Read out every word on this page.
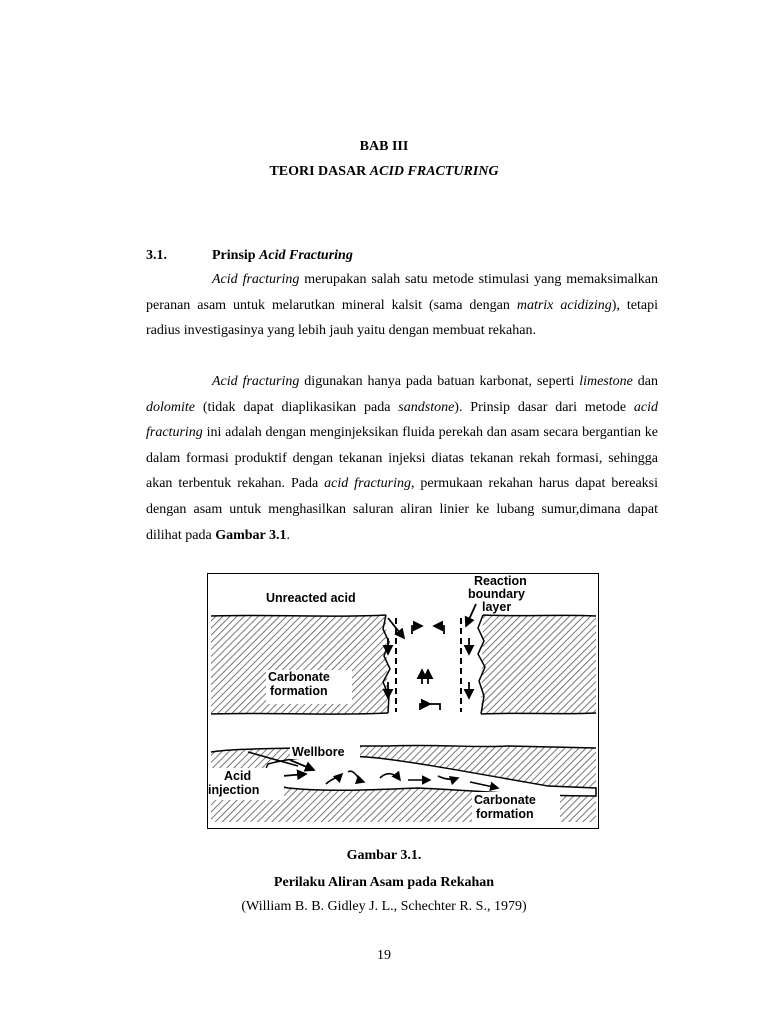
BAB III
TEORI DASAR ACID FRACTURING
3.1.	Prinsip Acid Fracturing

Acid fracturing merupakan salah satu metode stimulasi yang memaksimalkan peranan asam untuk melarutkan mineral kalsit (sama dengan matrix acidizing), tetapi radius investigasinya yang lebih jauh yaitu dengan membuat rekahan.

Acid fracturing digunakan hanya pada batuan karbonat, seperti limestone dan dolomite (tidak dapat diaplikasikan pada sandstone). Prinsip dasar dari metode acid fracturing ini adalah dengan menginjeksikan fluida perekah dan asam secara bergantian ke dalam formasi produktif dengan tekanan injeksi diatas tekanan rekah formasi, sehingga akan terbentuk rekahan. Pada acid fracturing, permukaan rekahan harus dapat bereaksi dengan asam untuk menghasilkan saluran aliran linier ke lubang sumur,dimana dapat dilihat pada Gambar 3.1.

Unreacted acid
Reaction
boundary
layer
Carbonate
formation
Wellbore
Acid
injection
Carbonate
formation
Gambar 3.1.
Perilaku Aliran Asam pada Rekahan
(William B. B. Gidley J. L., Schechter R. S., 1979)
19
